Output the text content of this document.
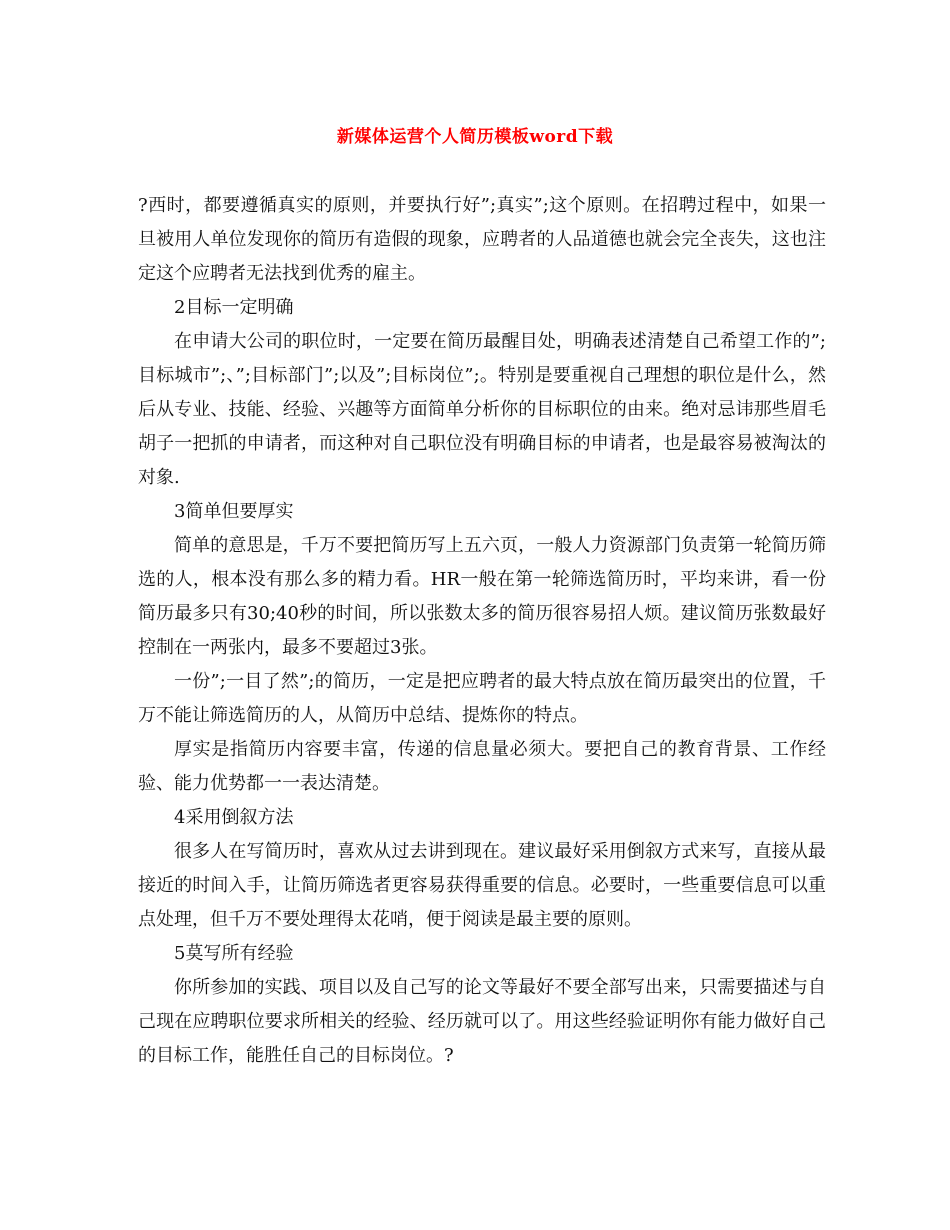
新媒体运营个人简历模板word下载

?西时，都要遵循真实的原则，并要执行好”;真实”;这个原则。在招聘过程中，如果一旦被用人单位发现你的简历有造假的现象，应聘者的人品道德也就会完全丧失，这也注定这个应聘者无法找到优秀的雇主。

2目标一定明确

在申请大公司的职位时，一定要在简历最醒目处，明确表述清楚自己希望工作的”;目标城市”;、”;目标部门”;以及”;目标岗位”;。特别是要重视自己理想的职位是什么，然后从专业、技能、经验、兴趣等方面简单分析你的目标职位的由来。绝对忌讳那些眉毛胡子一把抓的申请者，而这种对自己职位没有明确目标的申请者，也是最容易被淘汰的对象.

3简单但要厚实

简单的意思是，千万不要把简历写上五六页，一般人力资源部门负责第一轮简历筛选的人，根本没有那么多的精力看。HR一般在第一轮筛选简历时，平均来讲，看一份简历最多只有30;40秒的时间，所以张数太多的简历很容易招人烦。建议简历张数最好控制在一两张内，最多不要超过3张。

一份”;一目了然”;的简历，一定是把应聘者的最大特点放在简历最突出的位置，千万不能让筛选简历的人，从简历中总结、提炼你的特点。

厚实是指简历内容要丰富，传递的信息量必须大。要把自己的教育背景、工作经验、能力优势都一一表达清楚。

4采用倒叙方法

很多人在写简历时，喜欢从过去讲到现在。建议最好采用倒叙方式来写，直接从最接近的时间入手，让简历筛选者更容易获得重要的信息。必要时，一些重要信息可以重点处理，但千万不要处理得太花哨，便于阅读是最主要的原则。

5莫写所有经验

你所参加的实践、项目以及自己写的论文等最好不要全部写出来，只需要描述与自己现在应聘职位要求所相关的经验、经历就可以了。用这些经验证明你有能力做好自己的目标工作，能胜任自己的目标岗位。?
